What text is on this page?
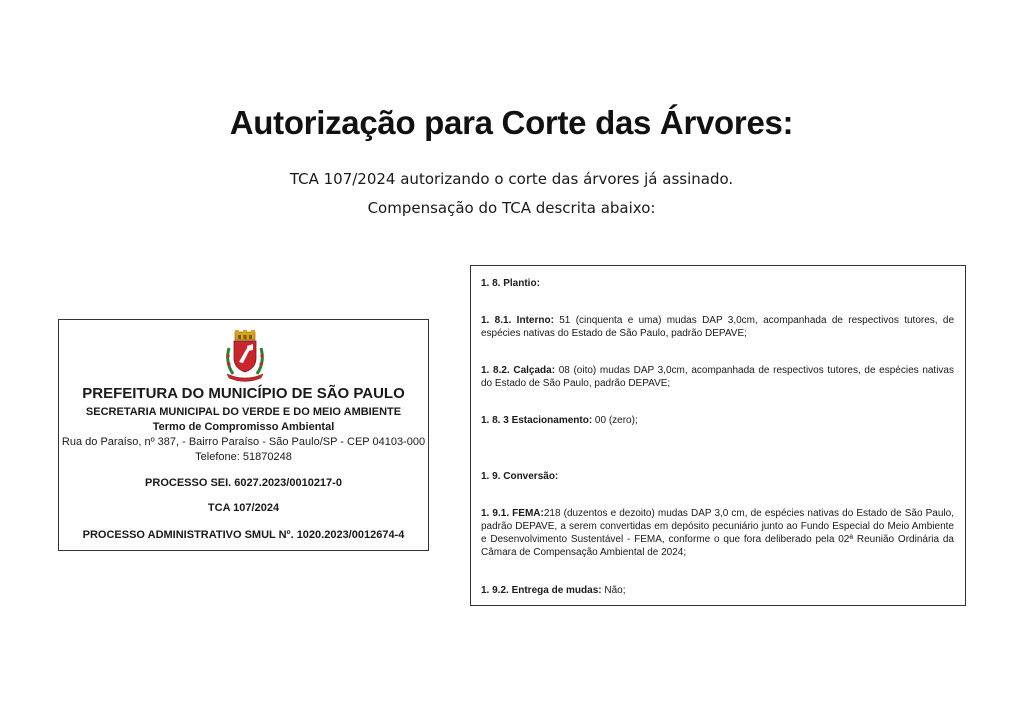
Autorização para Corte das Árvores:
TCA 107/2024 autorizando o corte das árvores já assinado.
Compensação do TCA descrita abaixo:
PREFEITURA DO MUNICÍPIO DE SÃO PAULO
SECRETARIA MUNICIPAL DO VERDE E DO MEIO AMBIENTE
Termo de Compromisso Ambiental
Rua do Paraíso, nº 387, - Bairro Paraíso - São Paulo/SP - CEP 04103-000
Telefone: 51870248
PROCESSO SEI. 6027.2023/0010217-0
TCA 107/2024
PROCESSO ADMINISTRATIVO SMUL Nº. 1020.2023/0012674-4
1. 8. Plantio:
1. 8.1. Interno: 51 (cinquenta e uma) mudas DAP 3,0cm, acompanhada de respectivos tutores, de espécies nativas do Estado de São Paulo, padrão DEPAVE;
1. 8.2. Calçada: 08 (oito) mudas DAP 3,0cm, acompanhada de respectivos tutores, de espécies nativas do Estado de São Paulo, padrão DEPAVE;
1. 8. 3 Estacionamento: 00 (zero);
1. 9. Conversão:
1. 9.1. FEMA:218 (duzentos e dezoito) mudas DAP 3,0 cm, de espécies nativas do Estado de São Paulo, padrão DEPAVE, a serem convertidas em depósito pecuniário junto ao Fundo Especial do Meio Ambiente e Desenvolvimento Sustentável - FEMA, conforme o que fora deliberado pela 02ª Reunião Ordinária da Câmara de Compensação Ambiental de 2024;
1. 9.2. Entrega de mudas: Não;
